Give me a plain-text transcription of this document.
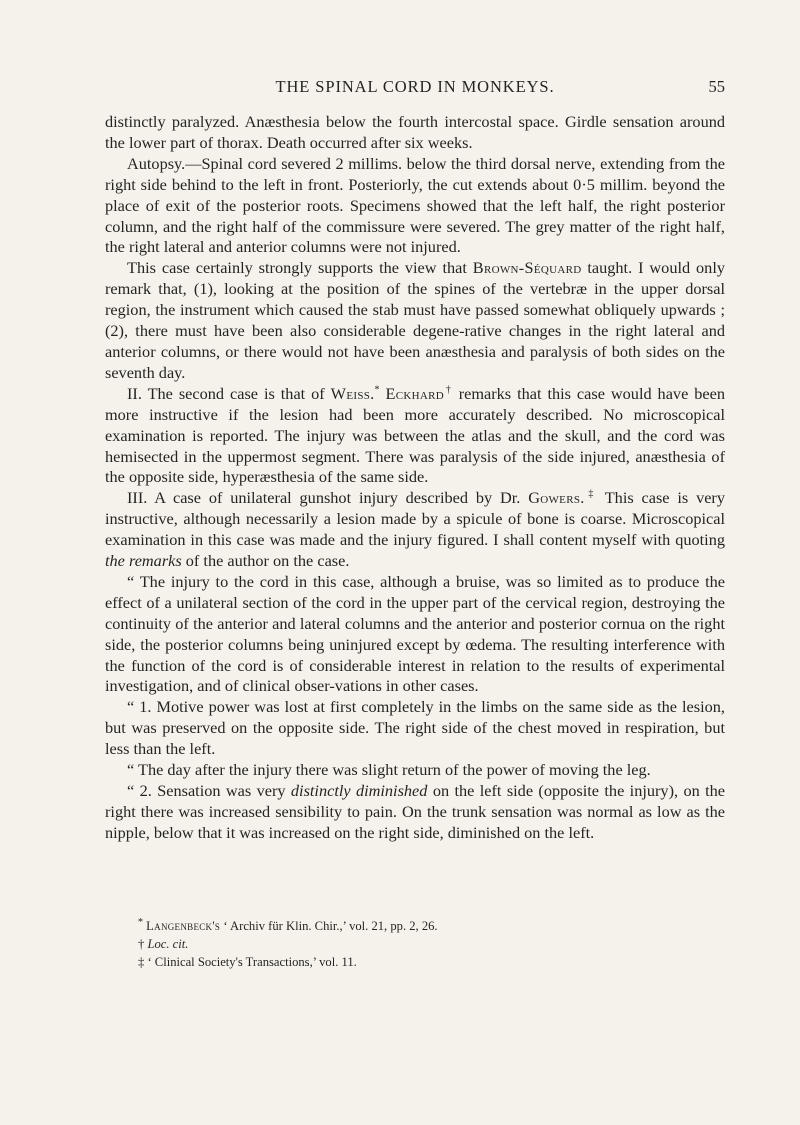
THE SPINAL CORD IN MONKEYS.	55

distinctly paralyzed. Anæsthesia below the fourth intercostal space. Girdle sensation around the lower part of thorax. Death occurred after six weeks.

Autopsy.—Spinal cord severed 2 millims. below the third dorsal nerve, extending from the right side behind to the left in front. Posteriorly, the cut extends about 0·5 millim. beyond the place of exit of the posterior roots. Specimens showed that the left half, the right posterior column, and the right half of the commissure were severed. The grey matter of the right half, the right lateral and anterior columns were not injured.

This case certainly strongly supports the view that Brown-Séquard taught. I would only remark that, (1), looking at the position of the spines of the vertebræ in the upper dorsal region, the instrument which caused the stab must have passed somewhat obliquely upwards ; (2), there must have been also considerable degene-rative changes in the right lateral and anterior columns, or there would not have been anæsthesia and paralysis of both sides on the seventh day.

II. The second case is that of Weiss.* Eckhard† remarks that this case would have been more instructive if the lesion had been more accurately described. No microscopical examination is reported. The injury was between the atlas and the skull, and the cord was hemisected in the uppermost segment. There was paralysis of the side injured, anæsthesia of the opposite side, hyperæsthesia of the same side.

III. A case of unilateral gunshot injury described by Dr. Gowers.‡ This case is very instructive, although necessarily a lesion made by a spicule of bone is coarse. Microscopical examination in this case was made and the injury figured. I shall content myself with quoting the remarks of the author on the case.

“ The injury to the cord in this case, although a bruise, was so limited as to produce the effect of a unilateral section of the cord in the upper part of the cervical region, destroying the continuity of the anterior and lateral columns and the anterior and posterior cornua on the right side, the posterior columns being uninjured except by œdema. The resulting interference with the function of the cord is of considerable interest in relation to the results of experimental investigation, and of clinical obser-vations in other cases.

“ 1. Motive power was lost at first completely in the limbs on the same side as the lesion, but was preserved on the opposite side. The right side of the chest moved in respiration, but less than the left.

“ The day after the injury there was slight return of the power of moving the leg.

“ 2. Sensation was very distinctly diminished on the left side (opposite the injury), on the right there was increased sensibility to pain. On the trunk sensation was normal as low as the nipple, below that it was increased on the right side, diminished on the left.

* Langenbeck's ‘ Archiv für Klin. Chir.,’ vol. 21, pp. 2, 26.
† Loc. cit.
‡ ‘ Clinical Society's Transactions,’ vol. 11.
